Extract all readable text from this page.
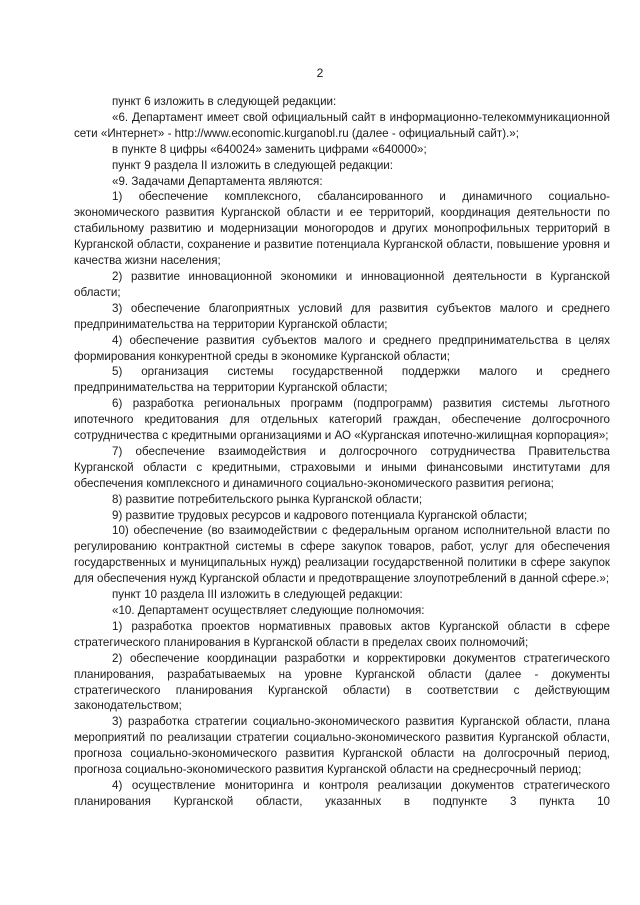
2

пункт 6 изложить в следующей редакции:

«6. Департамент имеет свой официальный сайт в информационно-телекоммуникационной сети «Интернет» - http://www.economic.kurganobl.ru (далее - официальный сайт).»;

в пункте 8 цифры «640024» заменить цифрами «640000»;

пункт 9 раздела II изложить в следующей редакции:

«9. Задачами Департамента являются:

1) обеспечение комплексного, сбалансированного и динамичного социально-экономического развития Курганской области и ее территорий, координация деятельности по стабильному развитию и модернизации моногородов и других монопрофильных территорий в Курганской области, сохранение и развитие потенциала Курганской области, повышение уровня и качества жизни населения;

2) развитие инновационной экономики и инновационной деятельности в Курганской области;

3) обеспечение благоприятных условий для развития субъектов малого и среднего предпринимательства на территории Курганской области;

4) обеспечение развития субъектов малого и среднего предпринимательства в целях формирования конкурентной среды в экономике Курганской области;

5) организация системы государственной поддержки малого и среднего предпринимательства на территории Курганской области;

6) разработка региональных программ (подпрограмм) развития системы льготного ипотечного кредитования для отдельных категорий граждан, обеспечение долгосрочного сотрудничества с кредитными организациями и АО «Курганская ипотечно-жилищная корпорация»;

7) обеспечение взаимодействия и долгосрочного сотрудничества Правительства Курганской области с кредитными, страховыми и иными финансовыми институтами для обеспечения комплексного и динамичного социально-экономического развития региона;

8) развитие потребительского рынка Курганской области;

9) развитие трудовых ресурсов и кадрового потенциала Курганской области;

10) обеспечение (во взаимодействии с федеральным органом исполнительной власти по регулированию контрактной системы в сфере закупок товаров, работ, услуг для обеспечения государственных и муниципальных нужд) реализации государственной политики в сфере закупок для обеспечения нужд Курганской области и предотвращение злоупотреблений в данной сфере.»;

пункт 10 раздела III изложить в следующей редакции:

«10. Департамент осуществляет следующие полномочия:

1) разработка проектов нормативных правовых актов Курганской области в сфере стратегического планирования в Курганской области в пределах своих полномочий;

2) обеспечение координации разработки и корректировки документов стратегического планирования, разрабатываемых на уровне Курганской области (далее - документы стратегического планирования Курганской области) в соответствии с действующим законодательством;

3) разработка стратегии социально-экономического развития Курганской области, плана мероприятий по реализации стратегии социально-экономического развития Курганской области, прогноза социально-экономического развития Курганской области на долгосрочный период, прогноза социально-экономического развития Курганской области на среднесрочный период;

4) осуществление мониторинга и контроля реализации документов стратегического планирования Курганской области, указанных в подпункте 3 пункта 10
